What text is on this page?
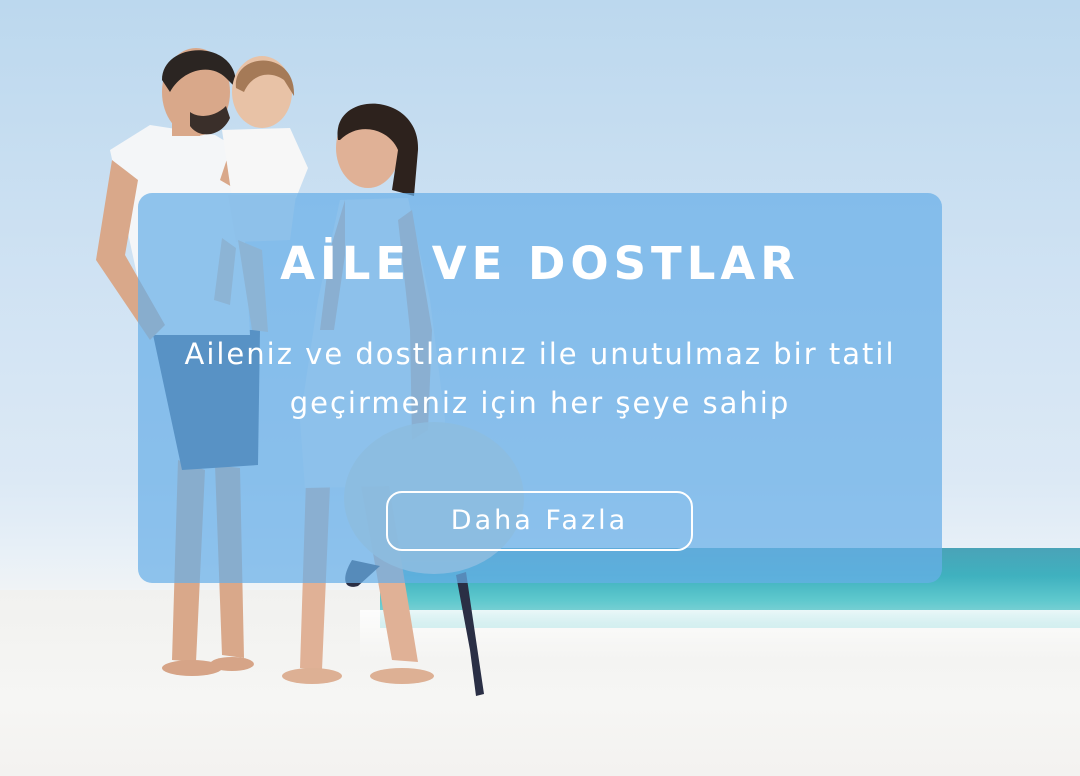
AİLE VE DOSTLAR

Aileniz ve dostlarınız ile unutulmaz bir tatil geçirmeniz için her şeye sahip

Daha Fazla
